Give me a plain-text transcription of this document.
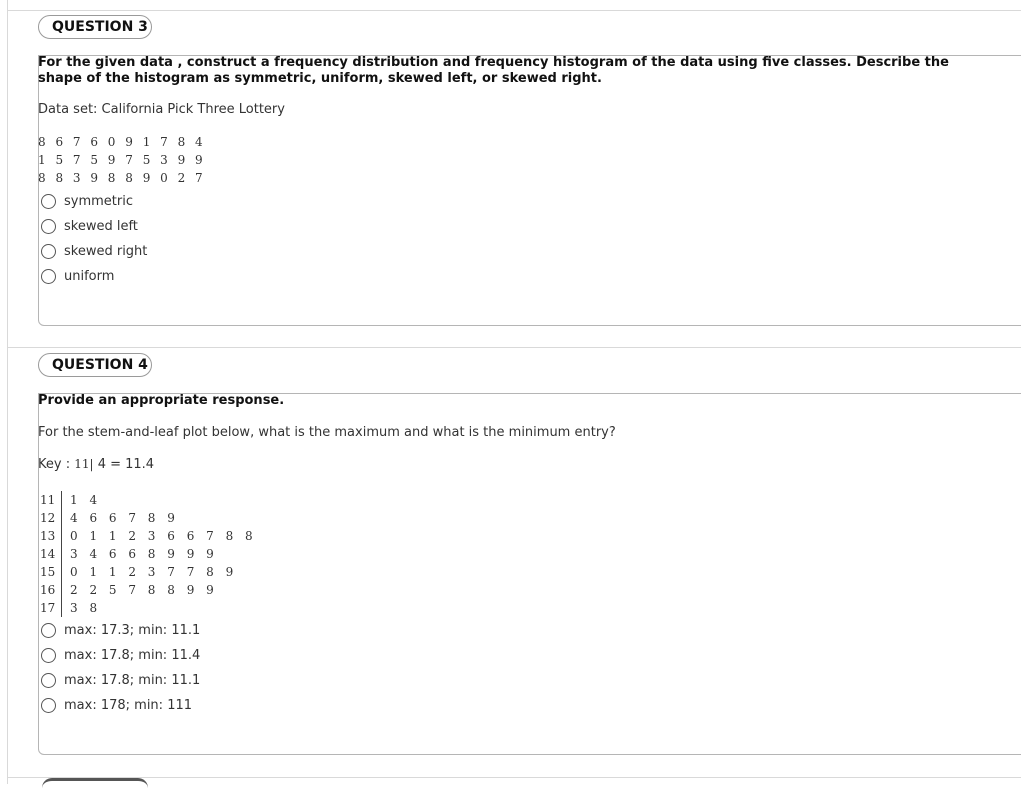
QUESTION 3
For the given data , construct a frequency distribution and frequency histogram of the data using five classes. Describe the shape of the histogram as symmetric, uniform, skewed left, or skewed right.
Data set: California Pick Three Lottery
8 6 7 6 0 9 1 7 8 4
1 5 7 5 9 7 5 3 9 9
8 8 3 9 8 8 9 0 2 7
symmetric
skewed left
skewed right
uniform
QUESTION 4
Provide an appropriate response.
For the stem-and-leaf plot below, what is the maximum and what is the minimum entry?
Key : 11| 4 = 11.4
11	1 4
12	4 6 6 7 8 9
13	0 1 1 2 3 6 6 7 8 8
14	3 4 6 6 8 9 9 9
15	0 1 1 2 3 7 7 8 9
16	2 2 5 7 8 8 9 9
17	3 8
max: 17.3; min: 11.1
max: 17.8; min: 11.4
max: 17.8; min: 11.1
max: 178; min: 111
